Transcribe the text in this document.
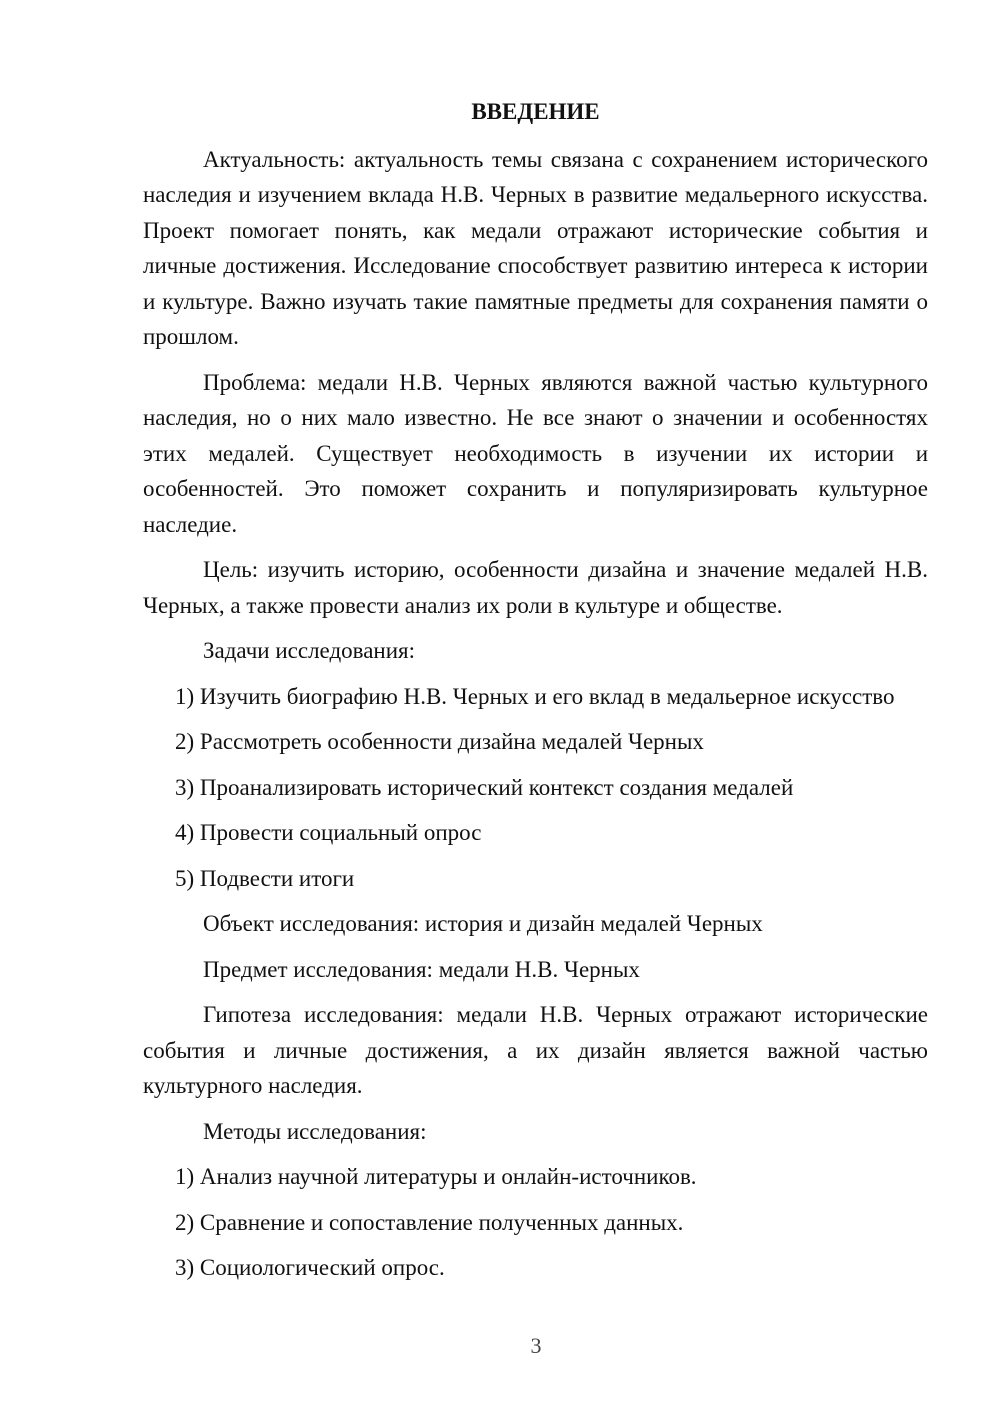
ВВЕДЕНИЕ

Актуальность: актуальность темы связана с сохранением исторического наследия и изучением вклада Н.В. Черных в развитие медальерного искусства. Проект помогает понять, как медали отражают исторические события и личные достижения. Исследование способствует развитию интереса к истории и культуре. Важно изучать такие памятные предметы для сохранения памяти о прошлом.

Проблема: медали Н.В. Черных являются важной частью культурного наследия, но о них мало известно. Не все знают о значении и особенностях этих медалей. Существует необходимость в изучении их истории и особенностей. Это поможет сохранить и популяризировать культурное наследие.

Цель: изучить историю, особенности дизайна и значение медалей Н.В. Черных, а также провести анализ их роли в культуре и обществе.

Задачи исследования:

1) Изучить биографию Н.В. Черных и его вклад в медальерное искусство

2) Рассмотреть особенности дизайна медалей Черных

3) Проанализировать исторический контекст создания медалей

4) Провести социальный опрос

5) Подвести итоги

Объект исследования: история и дизайн медалей Черных

Предмет исследования: медали Н.В. Черных

Гипотеза исследования: медали Н.В. Черных отражают исторические события и личные достижения, а их дизайн является важной частью культурного наследия.

Методы исследования:

1) Анализ научной литературы и онлайн-источников.

2) Сравнение и сопоставление полученных данных.

3) Социологический опрос.

3
